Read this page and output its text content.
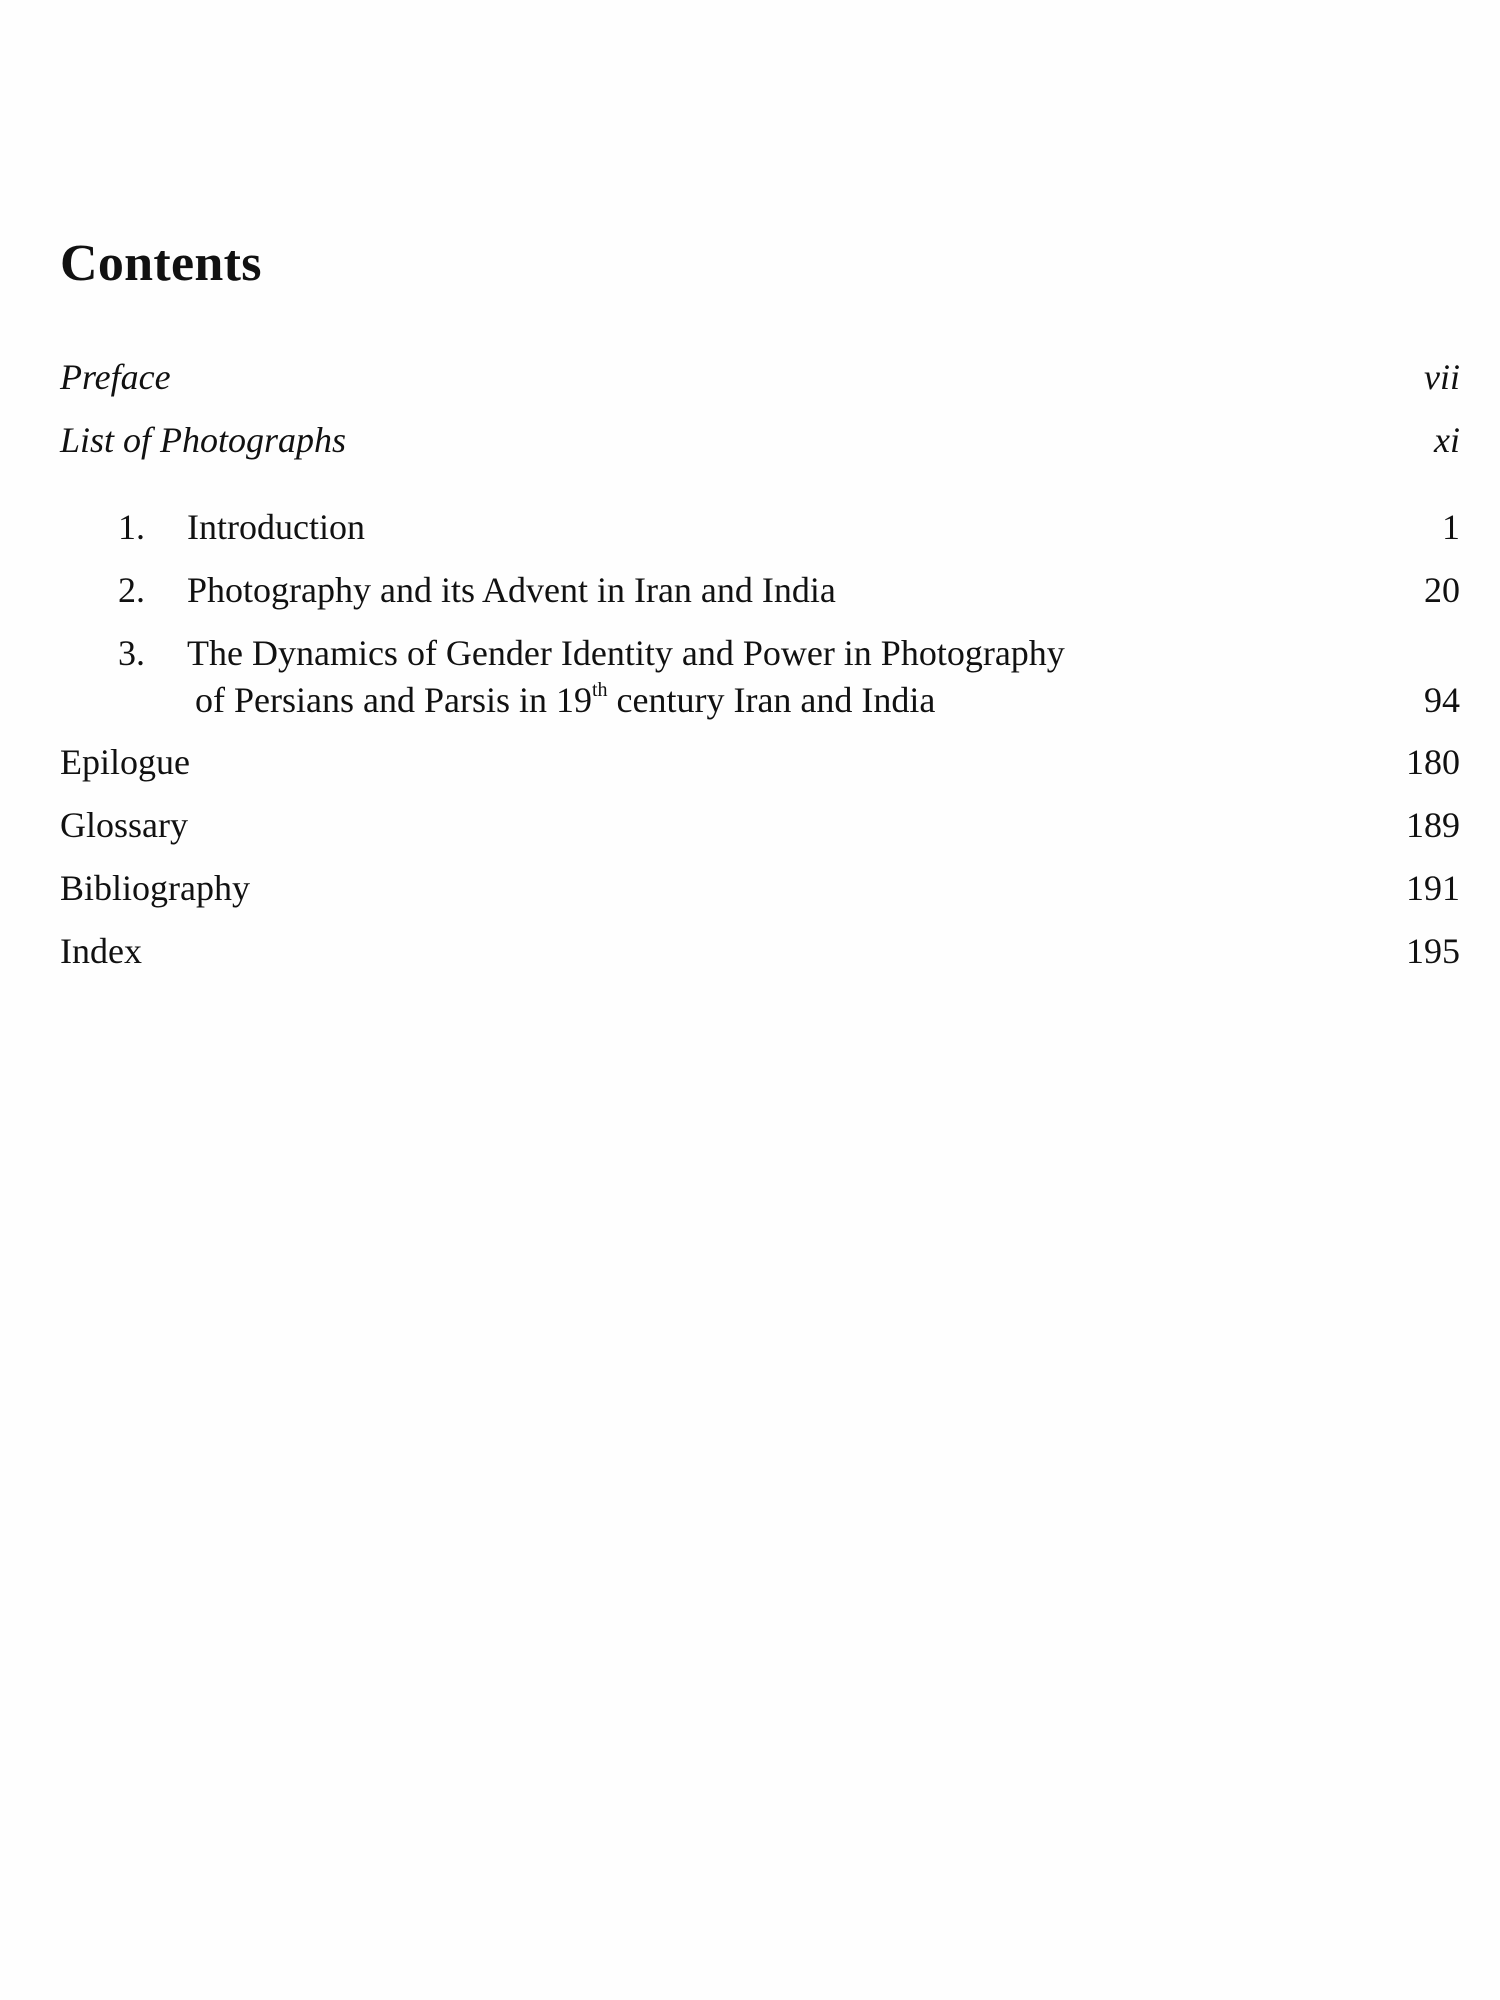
Contents
Preface	vii
List of Photographs	xi
1. Introduction	1
2. Photography and its Advent in Iran and India	20
3. The Dynamics of Gender Identity and Power in Photography
of Persians and Parsis in 19th century Iran and India	94
Epilogue	180
Glossary	189
Bibliography	191
Index	195
